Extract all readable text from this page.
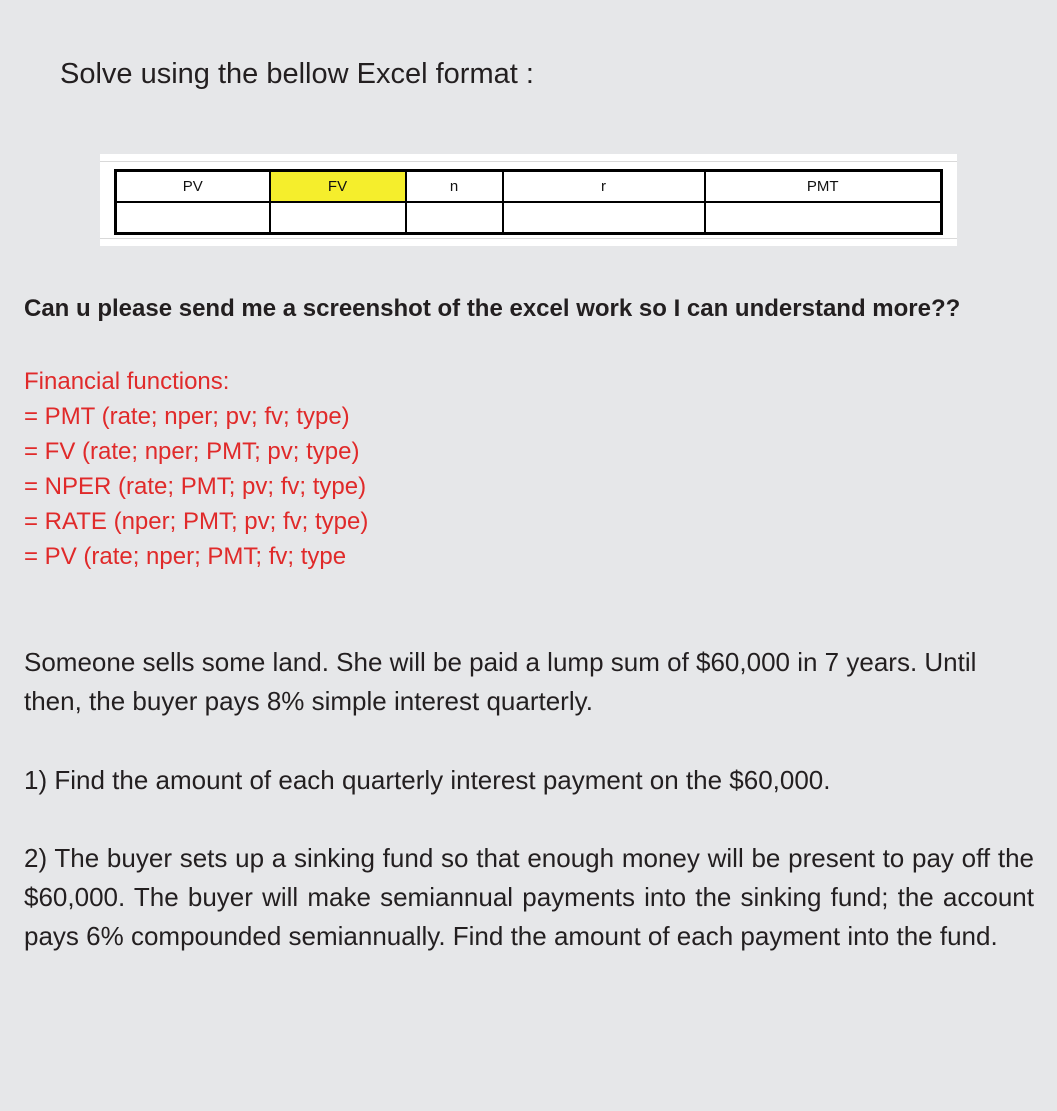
Solve using the bellow Excel format :
PV	FV	n	r	PMT

Can u please send me a screenshot of the excel work so I can understand more??

Financial functions:
= PMT (rate; nper; pv; fv; type)
= FV (rate; nper; PMT; pv; type)
= NPER (rate; PMT; pv; fv; type)
= RATE (nper; PMT; pv; fv; type)
= PV (rate; nper; PMT; fv; type

Someone sells some land. She will be paid a lump sum of $60,000 in 7 years. Until then, the buyer pays 8% simple interest quarterly.

1) Find the amount of each quarterly interest payment on the $60,000.

2) The buyer sets up a sinking fund so that enough money will be present to pay off the $60,000. The buyer will make semiannual payments into the sinking fund; the account pays 6% compounded semiannually. Find the amount of each payment into the fund.
